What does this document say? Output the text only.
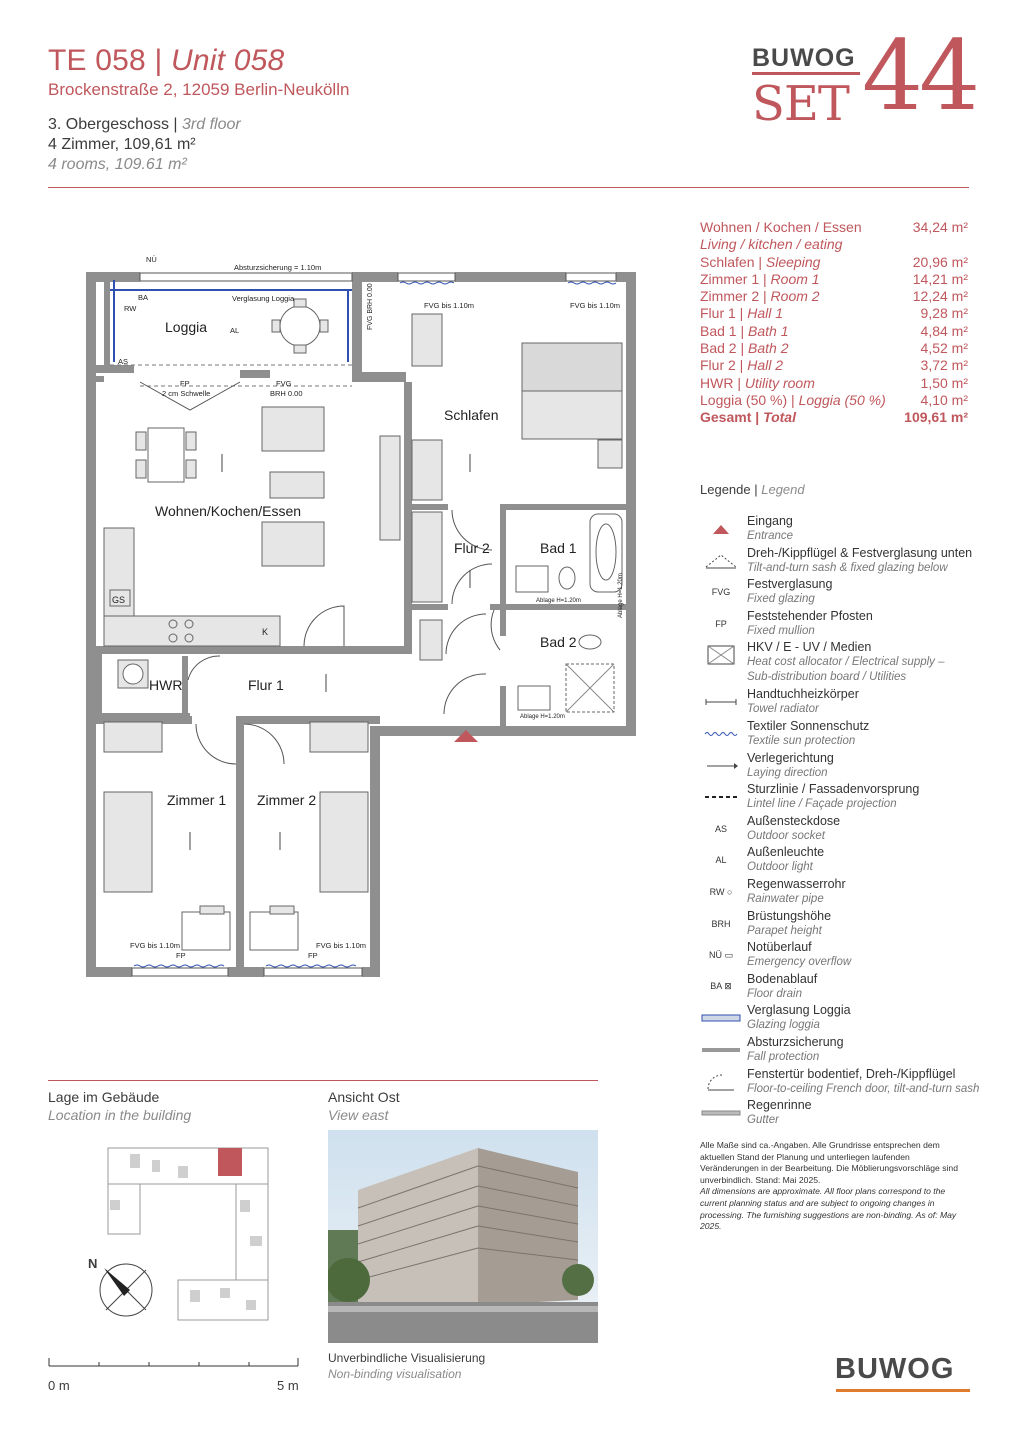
TE 058 | Unit 058
Brockenstraße 2, 12059 Berlin-Neukölln
3. Obergeschoss | 3rd floor
4 Zimmer, 109,61 m²
4 rooms, 109.61 m²
BUWOG
SET 44
Wohnen / Kochen / Essen	34,24 m²
Living / kitchen / eating
Schlafen | Sleeping	20,96 m²
Zimmer 1 | Room 1	14,21 m²
Zimmer 2 | Room 2	12,24 m²
Flur 1 | Hall 1	9,28 m²
Bad 1 | Bath 1	4,84 m²
Bad 2 | Bath 2	4,52 m²
Flur 2 | Hall 2	3,72 m²
HWR | Utility room	1,50 m²
Loggia (50 %) | Loggia (50 %) 4,10 m²
Gesamt | Total	109,61 m²
Legende | Legend
Eingang
Entrance
Dreh-/Kippflügel & Festverglasung unten
Tilt-and-turn sash & fixed glazing below
FVG
Festverglasung
Fixed glazing
FP
Feststehender Pfosten
Fixed mullion
HKV / E - UV / Medien
Heat cost allocator / Electrical supply –
Sub-distribution board / Utilities
Handtuchheizkörper
Towel radiator
Textiler Sonnenschutz
Textile sun protection
Verlegerichtung
Laying direction
Sturzlinie / Fassadenvorsprung
Lintel line / Façade projection
AS
Außensteckdose
Outdoor socket
AL
Außenleuchte
Outdoor light
RW ○
Regenwasserrohr
Rainwater pipe
BRH
Brüstungshöhe
Parapet height
NÜ ▭
Notüberlauf
Emergency overflow
BA ⊠
Bodenablauf
Floor drain
Verglasung Loggia
Glazing loggia
Absturzsicherung
Fall protection
Fenstertür bodentief, Dreh-/Kippflügel
Floor-to-ceiling French door, tilt-and-turn sash
Regenrinne
Gutter

Alle Maße sind ca.-Angaben. Alle Grundrisse entsprechen dem aktuellen Stand der Planung und unterliegen laufenden Veränderungen in der Bearbeitung. Die Möblierungsvorschläge sind unverbindlich. Stand: Mai 2025.

All dimensions are approximate. All floor plans correspond to the current planning status and are subject to ongoing changes in processing. The furnishing suggestions are non-binding. As of: May 2025.

Loggia
Wohnen/Kochen/Essen
Schlafen
Flur 2	Bad 1
Bad 2
HWR	Flur 1
Zimmer 1 Zimmer 2
NÜ
Absturzsicherung = 1.10m
Verglasung Loggia
BA
RW
AS
AL
FVG bis 1.10m	FVG bis 1.10m
FP
2 cm Schwelle
FVG
BRH 0.00
GS
K
Ablage H=1.20m
Ablage H=1.20m
FVG bis 1.10m	FVG bis 1.10m
FP	FP
FVG BRH 0.00
Ablage H=1.20m
Lage im Gebäude
Location in the building
Ansicht Ost
View east
N
Unverbindliche Visualisierung
Non-binding visualisation
0 m	5 m
BUWOG
